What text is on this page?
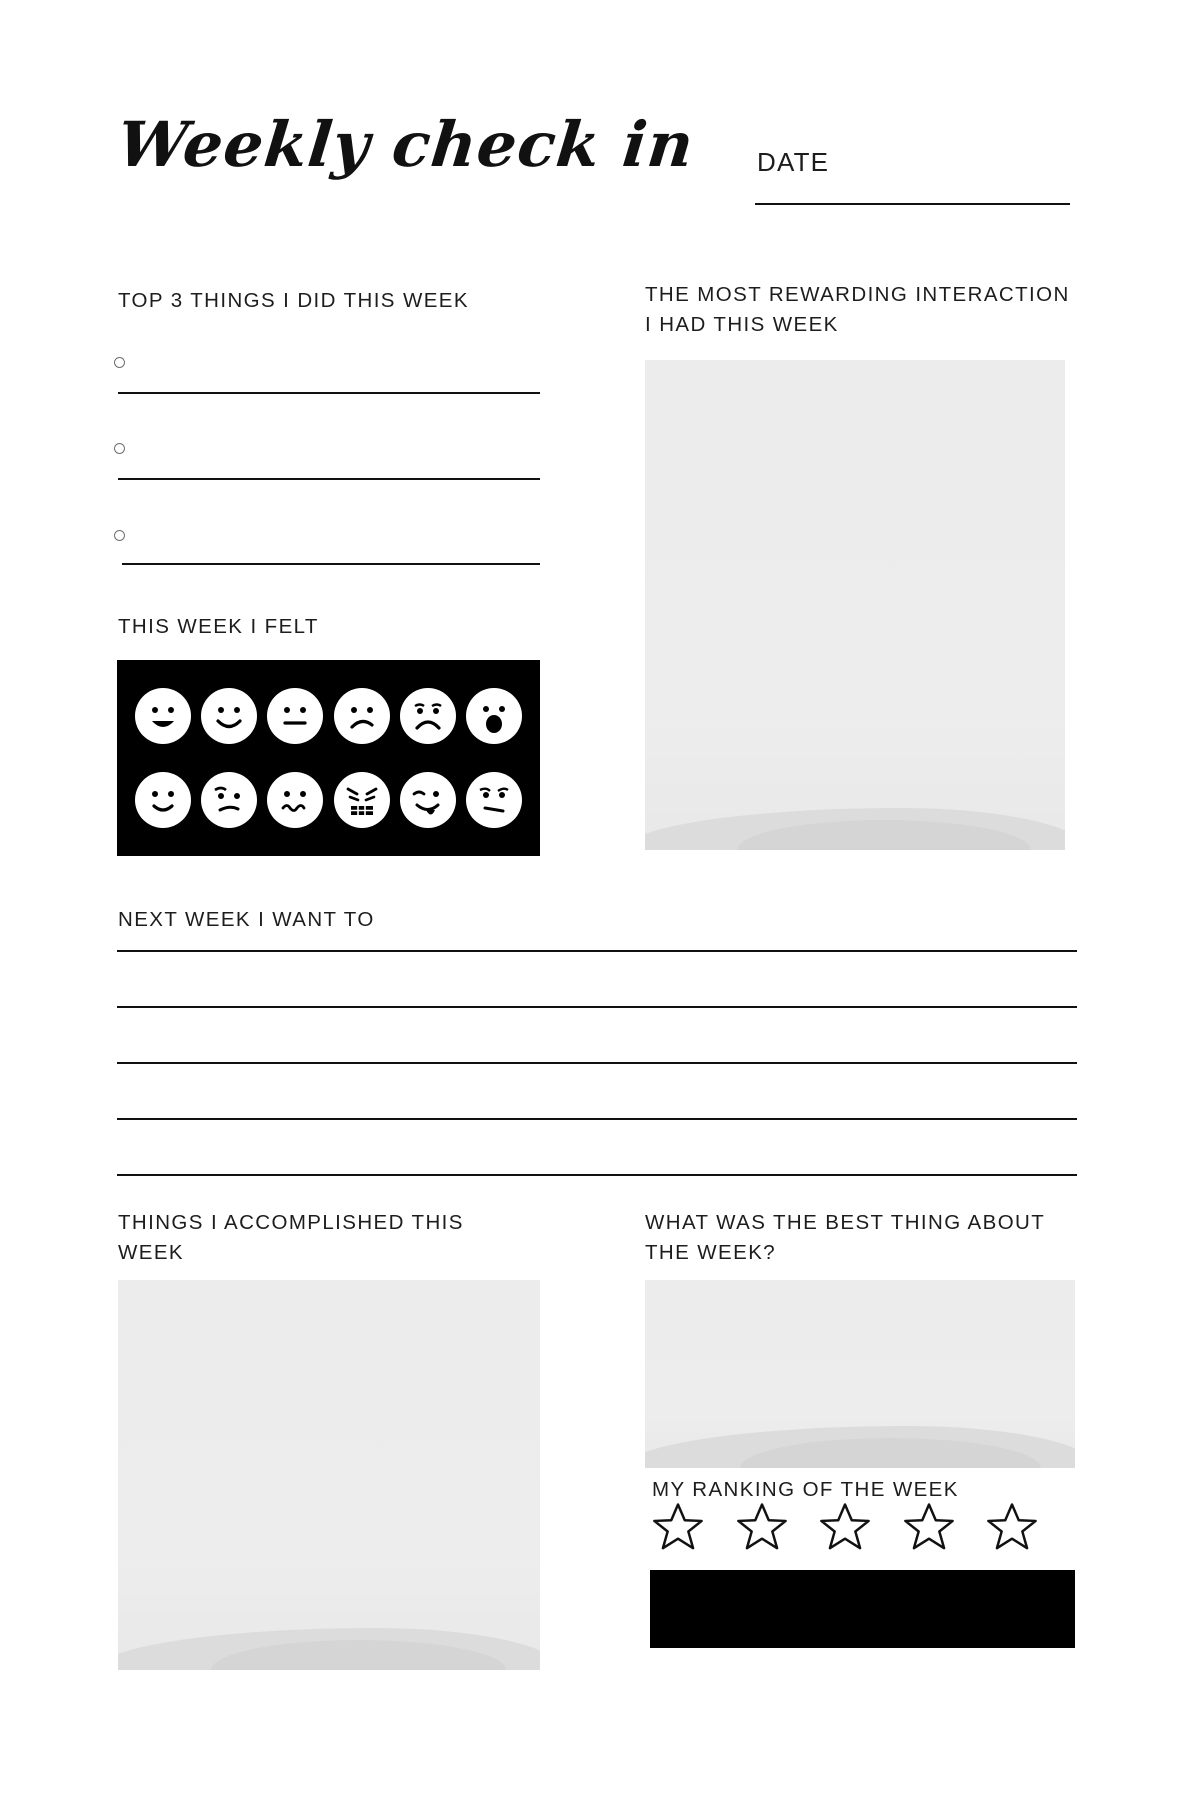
Weekly check in DATE
TOP 3 THINGS I DID THIS WEEK
THIS WEEK I FELT
THE MOST REWARDING INTERACTION I HAD THIS WEEK
NEXT WEEK I WANT TO
THINGS I ACCOMPLISHED THIS WEEK
WHAT WAS THE BEST THING ABOUT THE WEEK?
MY RANKING OF THE WEEK
